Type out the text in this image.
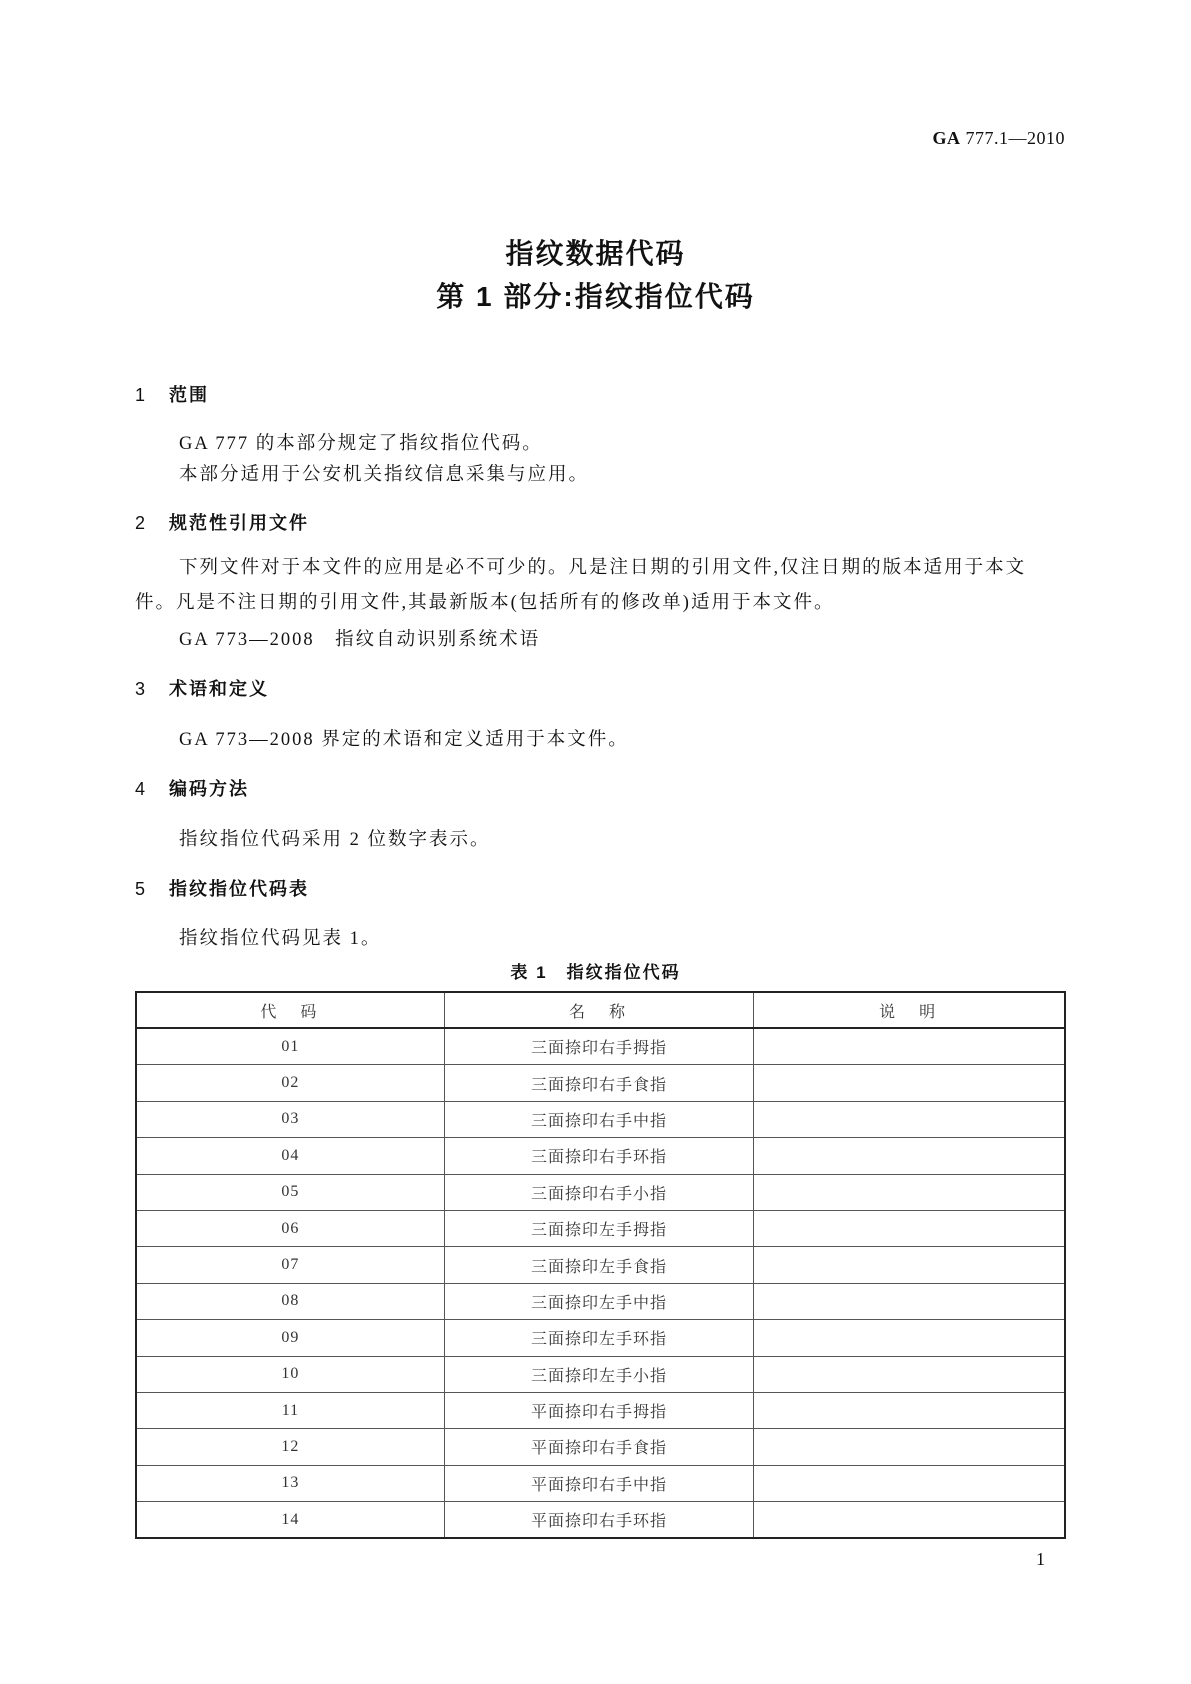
GA 777.1—2010
指纹数据代码
第 1 部分:指纹指位代码
1 范围
GA 777 的本部分规定了指纹指位代码。
本部分适用于公安机关指纹信息采集与应用。
2 规范性引用文件
下列文件对于本文件的应用是必不可少的。凡是注日期的引用文件,仅注日期的版本适用于本文件。凡是不注日期的引用文件,其最新版本(包括所有的修改单)适用于本文件。
GA 773—2008　指纹自动识别系统术语
3 术语和定义
GA 773—2008 界定的术语和定义适用于本文件。
4 编码方法
指纹指位代码采用 2 位数字表示。
5 指纹指位代码表
指纹指位代码见表 1。
表 1　指纹指位代码
代　码	名　称	说　明
01	三面捺印右手拇指	
02	三面捺印右手食指	
03	三面捺印右手中指	
04	三面捺印右手环指	
05	三面捺印右手小指	
06	三面捺印左手拇指	
07	三面捺印左手食指	
08	三面捺印左手中指	
09	三面捺印左手环指	
10	三面捺印左手小指	
11	平面捺印右手拇指	
12	平面捺印右手食指	
13	平面捺印右手中指	
14	平面捺印右手环指	
1
